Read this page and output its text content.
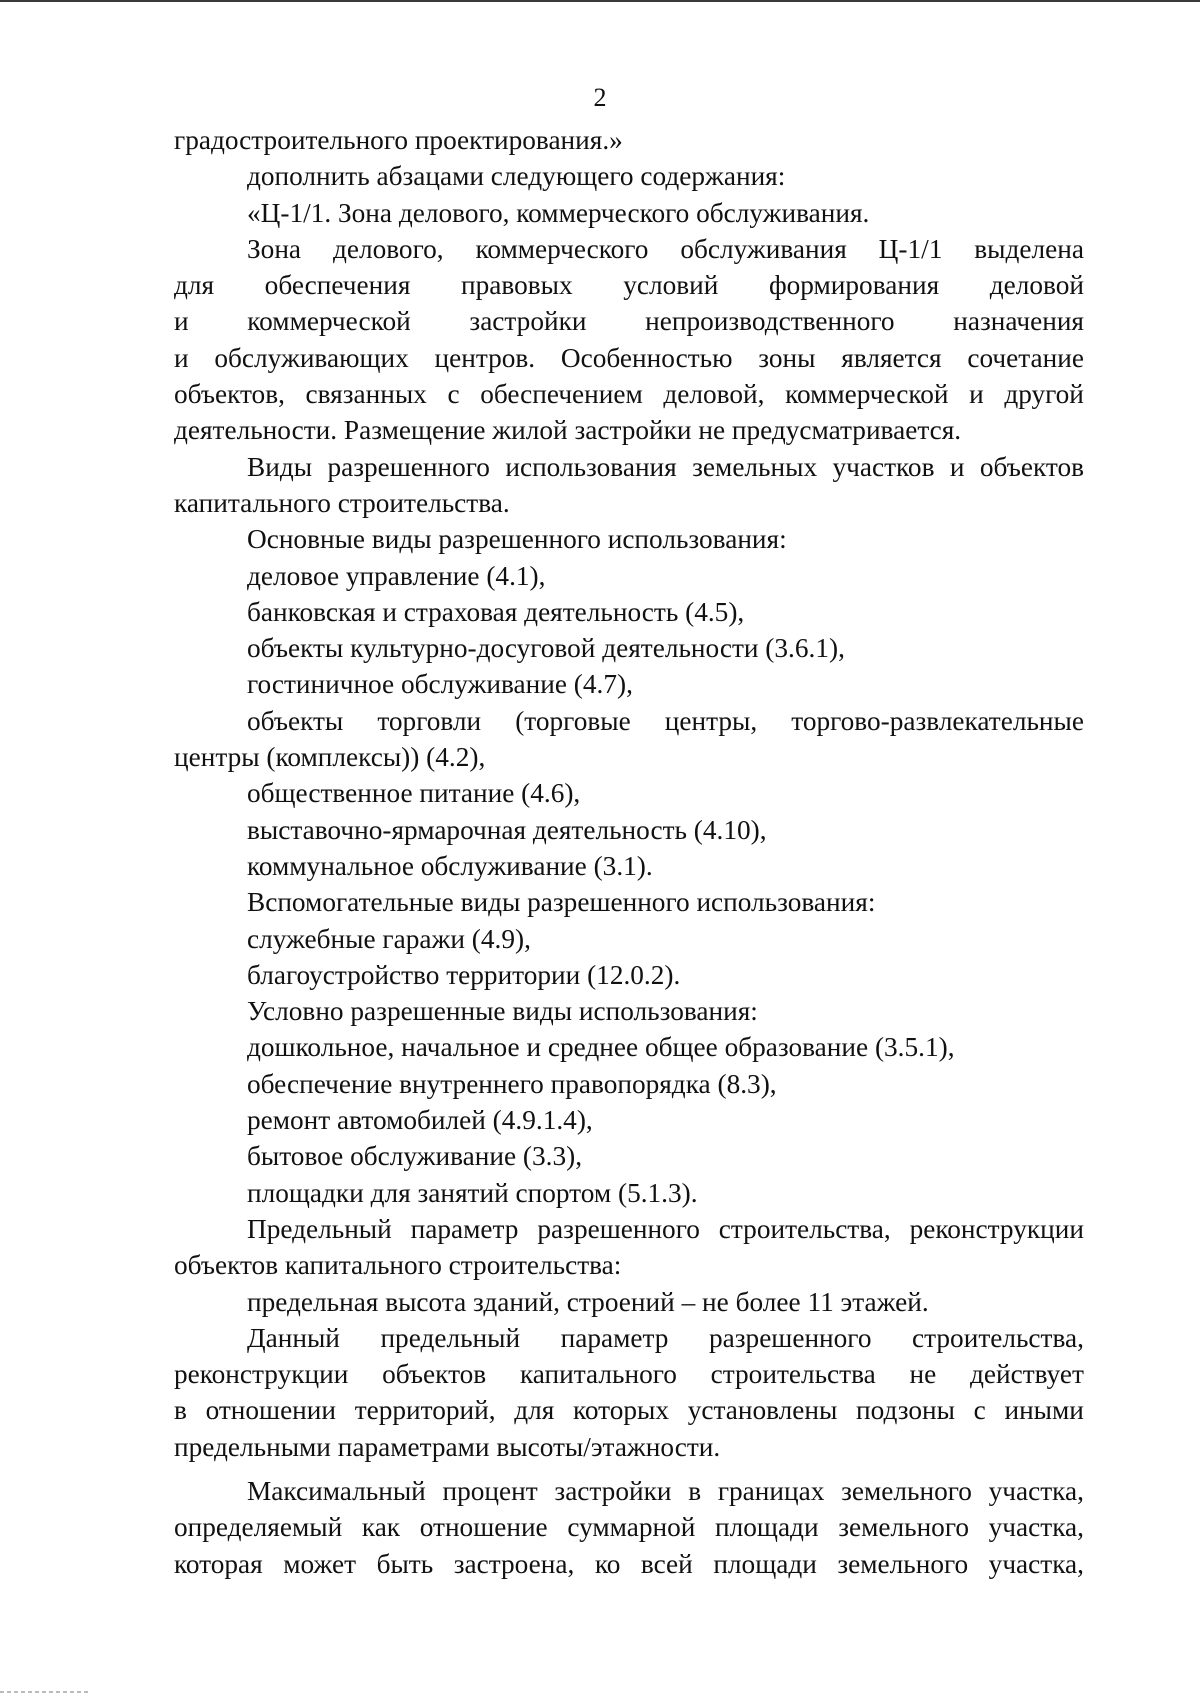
2
градостроительного проектирования.»
дополнить абзацами следующего содержания:
«Ц-1/1. Зона делового, коммерческого обслуживания.
Зона делового, коммерческого обслуживания Ц-1/1 выделена
для обеспечения правовых условий формирования деловой
и коммерческой застройки непроизводственного назначения
и обслуживающих центров. Особенностью зоны является сочетание
объектов, связанных с обеспечением деловой, коммерческой и другой
деятельности. Размещение жилой застройки не предусматривается.
Виды разрешенного использования земельных участков и объектов
капитального строительства.
Основные виды разрешенного использования:
деловое управление (4.1),
банковская и страховая деятельность (4.5),
объекты культурно-досуговой деятельности (3.6.1),
гостиничное обслуживание (4.7),
объекты торговли (торговые центры, торгово-развлекательные
центры (комплексы)) (4.2),
общественное питание (4.6),
выставочно-ярмарочная деятельность (4.10),
коммунальное обслуживание (3.1).
Вспомогательные виды разрешенного использования:
служебные гаражи (4.9),
благоустройство территории (12.0.2).
Условно разрешенные виды использования:
дошкольное, начальное и среднее общее образование (3.5.1),
обеспечение внутреннего правопорядка (8.3),
ремонт автомобилей (4.9.1.4),
бытовое обслуживание (3.3),
площадки для занятий спортом (5.1.3).
Предельный параметр разрешенного строительства, реконструкции
объектов капитального строительства:
предельная высота зданий, строений – не более 11 этажей.
Данный предельный параметр разрешенного строительства,
реконструкции объектов капитального строительства не действует
в отношении территорий, для которых установлены подзоны с иными
предельными параметрами высоты/этажности.
Максимальный процент застройки в границах земельного участка,
определяемый как отношение суммарной площади земельного участка,
которая может быть застроена, ко всей площади земельного участка,
